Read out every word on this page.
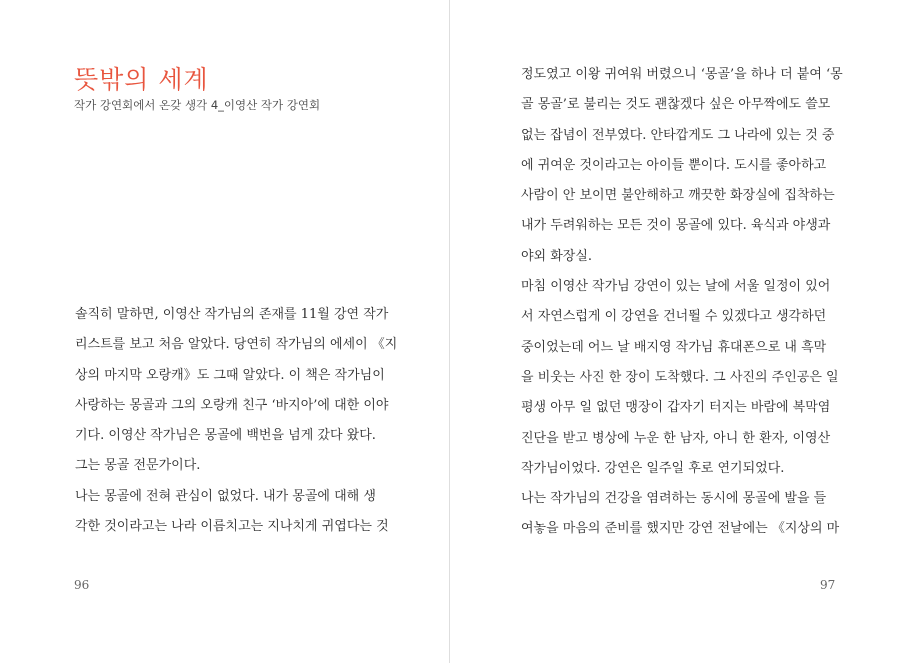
뜻밖의 세계
작가 강연회에서 온갖 생각 4_이영산 작가 강연회
솔직히 말하면, 이영산 작가님의 존재를 11월 강연 작가
리스트를 보고 처음 알았다. 당연히 작가님의 에세이 《지
상의 마지막 오랑캐》도 그때 알았다. 이 책은 작가님이
사랑하는 몽골과 그의 오랑캐 친구 ‘바지아’에 대한 이야
기다. 이영산 작가님은 몽골에 백번을 넘게 갔다 왔다.
그는 몽골 전문가이다.
나는 몽골에 전혀 관심이 없었다. 내가 몽골에 대해 생
각한 것이라고는 나라 이름치고는 지나치게 귀엽다는 것
96
정도였고 이왕 귀여워 버렸으니 ‘몽골’을 하나 더 붙여 ‘몽
골 몽골’로 불리는 것도 괜찮겠다 싶은 아무짝에도 쓸모
없는 잡념이 전부였다. 안타깝게도 그 나라에 있는 것 중
에 귀여운 것이라고는 아이들 뿐이다. 도시를 좋아하고
사람이 안 보이면 불안해하고 깨끗한 화장실에 집착하는
내가 두려워하는 모든 것이 몽골에 있다. 육식과 야생과
야외 화장실.
마침 이영산 작가님 강연이 있는 날에 서울 일정이 있어
서 자연스럽게 이 강연을 건너뛸 수 있겠다고 생각하던
중이었는데 어느 날 배지영 작가님 휴대폰으로 내 흑막
을 비웃는 사진 한 장이 도착했다. 그 사진의 주인공은 일
평생 아무 일 없던 맹장이 갑자기 터지는 바람에 복막염
진단을 받고 병상에 누운 한 남자, 아니 한 환자, 이영산
작가님이었다. 강연은 일주일 후로 연기되었다.
나는 작가님의 건강을 염려하는 동시에 몽골에 발을 들
여놓을 마음의 준비를 했지만 강연 전날에는 《지상의 마
97
